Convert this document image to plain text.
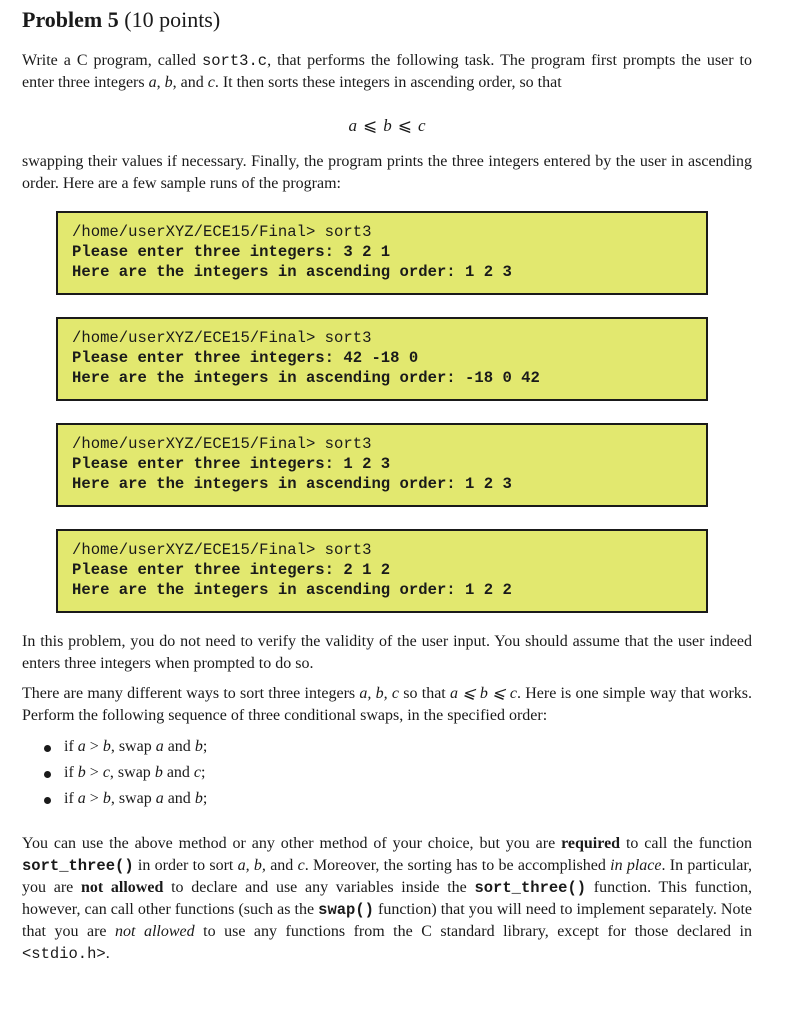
Problem 5 (10 points)
Write a C program, called sort3.c, that performs the following task. The program first prompts the user to enter three integers a, b, and c. It then sorts these integers in ascending order, so that
a ⩽ b ⩽ c
swapping their values if necessary. Finally, the program prints the three integers entered by the user in ascending order. Here are a few sample runs of the program:
/home/userXYZ/ECE15/Final> sort3
Please enter three integers: 3 2 1
Here are the integers in ascending order: 1 2 3
/home/userXYZ/ECE15/Final> sort3
Please enter three integers: 42 -18 0
Here are the integers in ascending order: -18 0 42
/home/userXYZ/ECE15/Final> sort3
Please enter three integers: 1 2 3
Here are the integers in ascending order: 1 2 3
/home/userXYZ/ECE15/Final> sort3
Please enter three integers: 2 1 2
Here are the integers in ascending order: 1 2 2
In this problem, you do not need to verify the validity of the user input. You should assume that the user indeed enters three integers when prompted to do so.
There are many different ways to sort three integers a, b, c so that a ⩽ b ⩽ c. Here is one simple way that works. Perform the following sequence of three conditional swaps, in the specified order:
if a > b, swap a and b;
if b > c, swap b and c;
if a > b, swap a and b;
You can use the above method or any other method of your choice, but you are required to call the function sort_three() in order to sort a, b, and c. Moreover, the sorting has to be accomplished in place. In particular, you are not allowed to declare and use any variables inside the sort_three() function. This function, however, can call other functions (such as the swap() function) that you will need to implement separately. Note that you are not allowed to use any functions from the C standard library, except for those declared in <stdio.h>.
